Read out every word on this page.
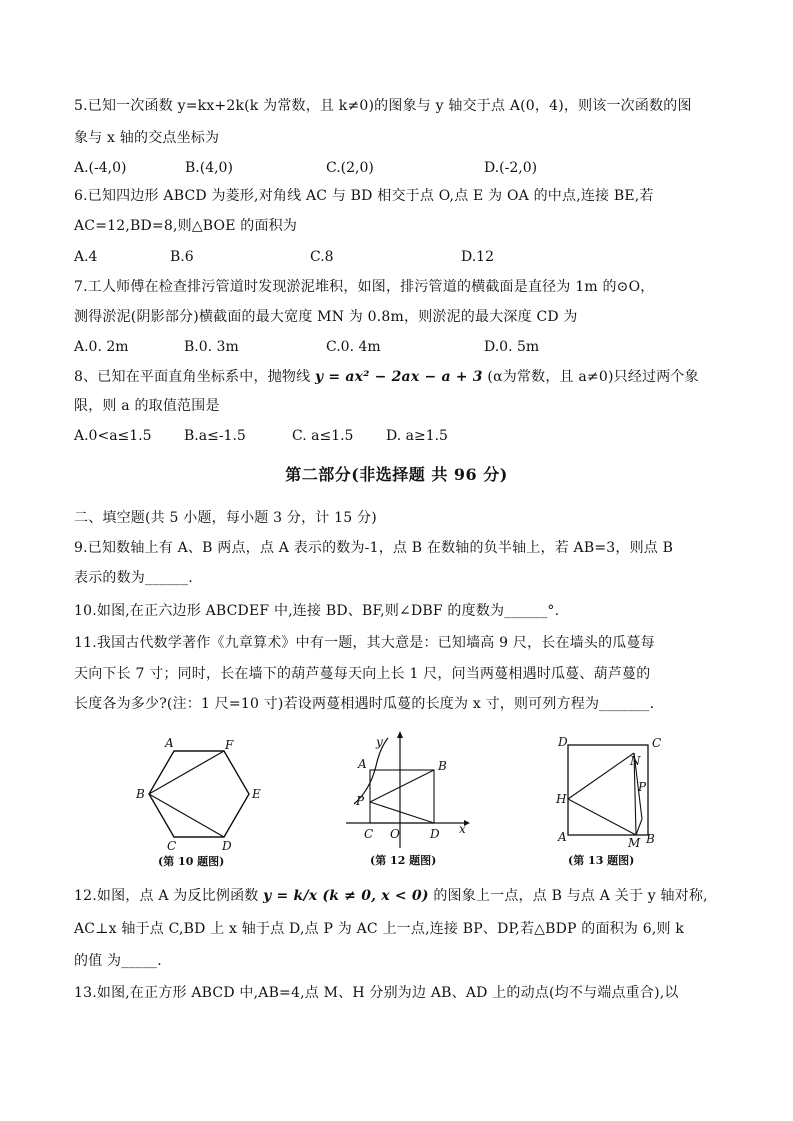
5.已知一次函数 y=kx+2k(k 为常数，且 k≠0)的图象与 y 轴交于点 A(0，4)，则该一次函数的图
象与 x 轴的交点坐标为
A.(-4,0)	B.(4,0)	C.(2,0)	D.(-2,0)
6.已知四边形 ABCD 为菱形,对角线 AC 与 BD 相交于点 O,点 E 为 OA 的中点,连接 BE,若
AC=12,BD=8,则△BOE 的面积为
A.4	B.6	C.8	D.12
7.工人师傅在检查排污管道时发现淤泥堆积，如图，排污管道的横截面是直径为 1m 的⊙O，
测得淤泥(阴影部分)横截面的最大宽度 MN 为 0.8m，则淤泥的最大深度 CD 为
A.0. 2m	B.0. 3m	C.0. 4m	D.0. 5m
8、已知在平面直角坐标系中，抛物线 y = ax² − 2ax − a + 3 (α为常数，且 a≠0)只经过两个象
限，则 a 的取值范围是
A.0<a≤1.5 B.a≤-1.5	C. a≤1.5 D. a≥1.5
第二部分(非选择题 共 96 分)
二、填空题(共 5 小题，每小题 3 分，计 15 分)
9.已知数轴上有 A、B 两点，点 A 表示的数为-1，点 B 在数轴的负半轴上，若 AB=3，则点 B
表示的数为______.
10.如图,在正六边形 ABCDEF 中,连接 BD、BF,则∠DBF 的度数为______°.
11.我国古代数学著作《九章算术》中有一题，其大意是：已知墙高 9 尺，长在墙头的瓜蔓每
天向下长 7 寸；同时，长在墙下的葫芦蔓每天向上长 1 尺，问当两蔓相遇时瓜蔓、葫芦蔓的
长度各为多少?(注：1 尺=10 寸)若设两蔓相遇时瓜蔓的长度为 x 寸，则可列方程为_______.
A	F
B	E
C	D
(第 10 题图)
y
A	B
P
C O	D x
(第 12 题图)
D	C
N
P
H
A	M B
(第 13 题图)
12.如图，点 A 为反比例函数 y = k/x (k ≠ 0, x < 0) 的图象上一点，点 B 与点 A 关于 y 轴对称,
AC⊥x 轴于点 C,BD 上 x 轴于点 D,点 P 为 AC 上一点,连接 BP、DP,若△BDP 的面积为 6,则 k
的值 为_____.
13.如图,在正方形 ABCD 中,AB=4,点 M、H 分别为边 AB、AD 上的动点(均不与端点重合),以
